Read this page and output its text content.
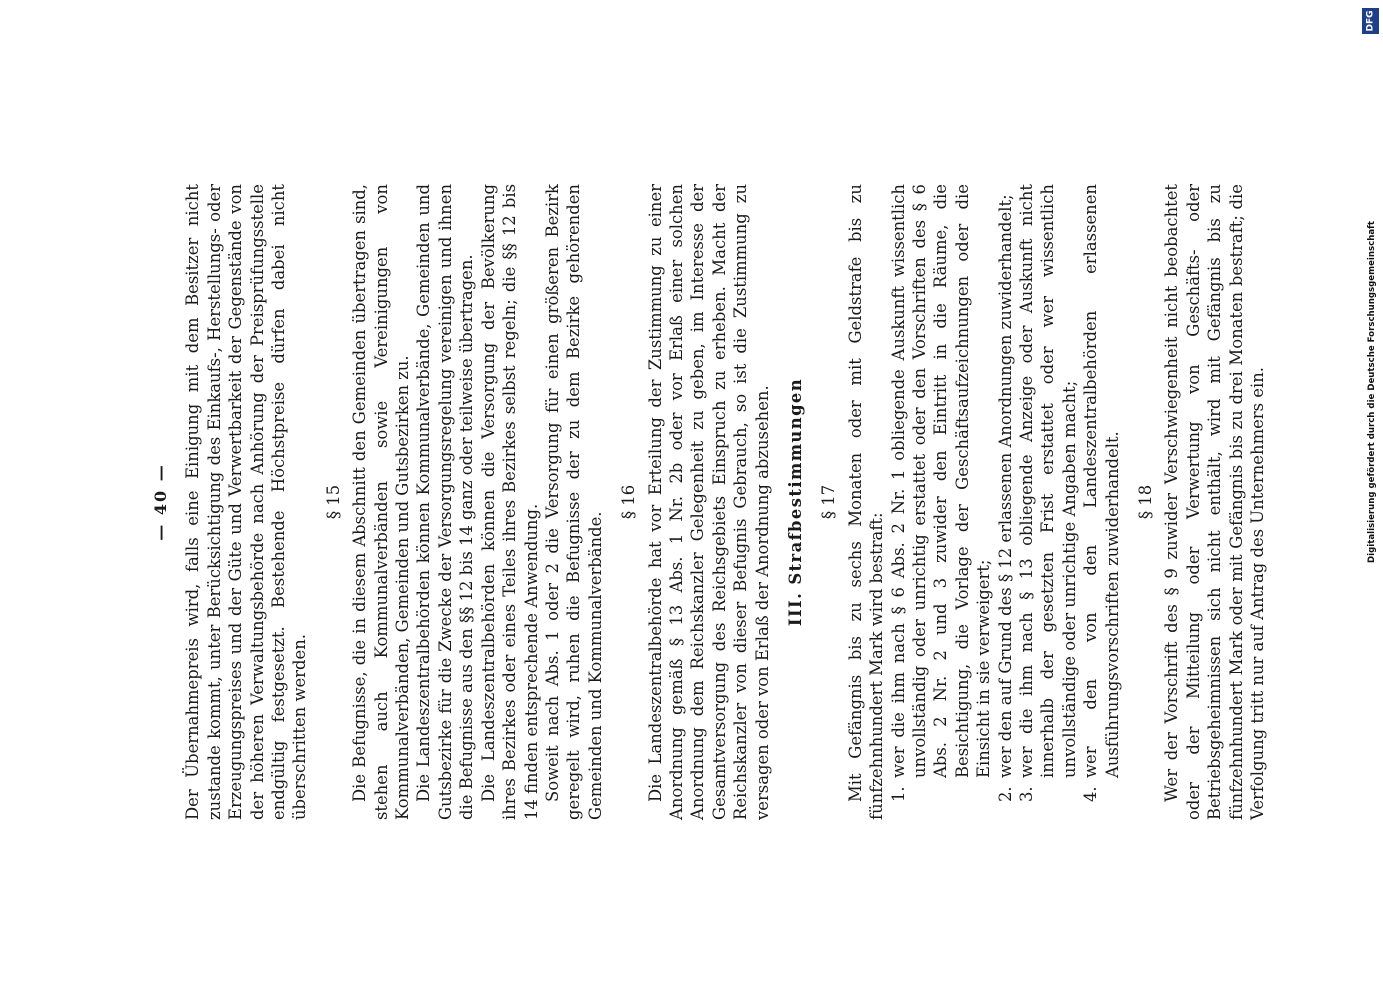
— 40 — Der Übernahmepreis wird, falls eine Einigung mit dem Besitzer nicht zustande kommt, unter Berücksichtigung des Einkaufs-, Herstellungs- oder Erzeugungspreises und der Güte und Verwertbarkeit der Gegenstände von der höheren Verwaltungsbehörde nach Anhörung der Preisprüfungsstelle endgültig festgesetzt. Bestehende Höchstpreise dürfen dabei nicht überschritten werden.

§ 15 Die Befugnisse, die in diesem Abschnitt den Gemeinden übertragen sind, stehen auch Kommunalverbänden sowie Vereinigungen von Kommunalverbänden, Gemeinden und Gutsbezirken zu. Die Landeszentralbehörden können Kommunalverbände, Gemeinden und Gutsbezirke für die Zwecke der Versorgungsregelung vereinigen und ihnen die Befugnisse aus den §§ 12 bis 14 ganz oder teilweise übertragen. Die Landeszentralbehörden können die Versorgung der Bevölkerung ihres Bezirkes oder eines Teiles ihres Bezirkes selbst regeln; die §§ 12 bis 14 finden entsprechende Anwendung. Soweit nach Abs. 1 oder 2 die Versorgung für einen größeren Bezirk geregelt wird, ruhen die Befugnisse der zu dem Bezirke gehörenden Gemeinden und Kommunalverbände.

§ 16 Die Landeszentralbehörde hat vor Erteilung der Zustimmung zu einer Anordnung gemäß § 13 Abs. 1 Nr. 2b oder vor Erlaß einer solchen Anordnung dem Reichskanzler Gelegenheit zu geben, im Interesse der Gesamtversorgung des Reichsgebiets Einspruch zu erheben. Macht der Reichskanzler von dieser Befugnis Gebrauch, so ist die Zustimmung zu versagen oder von Erlaß der Anordnung abzusehen. III. Strafbestimmungen § 17 Mit Gefängnis bis zu sechs Monaten oder mit Geldstrafe bis zu fünfzehnhundert Mark wird bestraft: 1.
wer die ihm nach § 6 Abs. 2 Nr. 1 obliegende Auskunft wissentlich unvollständig oder unrichtig erstattet oder den Vorschriften des § 6 Abs. 2 Nr. 2 und 3 zuwider den Eintritt in die Räume, die Besichtigung, die Vorlage der Geschäftsaufzeichnungen oder die Einsicht in sie verweigert;
2.
wer den auf Grund des § 12 erlassenen Anordnungen zuwiderhandelt;
3.
wer die ihm nach § 13 obliegende Anzeige oder Auskunft nicht innerhalb der gesetzten Frist erstattet oder wer wissentlich unvollständige oder unrichtige Angaben macht;
4.
wer den von den Landeszentralbehörden erlassenen Ausführungsvorschriften zuwiderhandelt. § 18 Wer der Vorschrift des § 9 zuwider Verschwiegenheit nicht beobachtet oder der Mitteilung oder Verwertung von Geschäfts- oder Betriebsgeheimnissen sich nicht enthält, wird mit Gefängnis bis zu fünfzehnhundert Mark oder mit Gefängnis bis zu drei Monaten bestraft; die Verfolgung tritt nur auf Antrag des Unternehmers ein.

DFG
Digitalisierung gefördert durch die Deutsche Forschungsgemeinschaft
